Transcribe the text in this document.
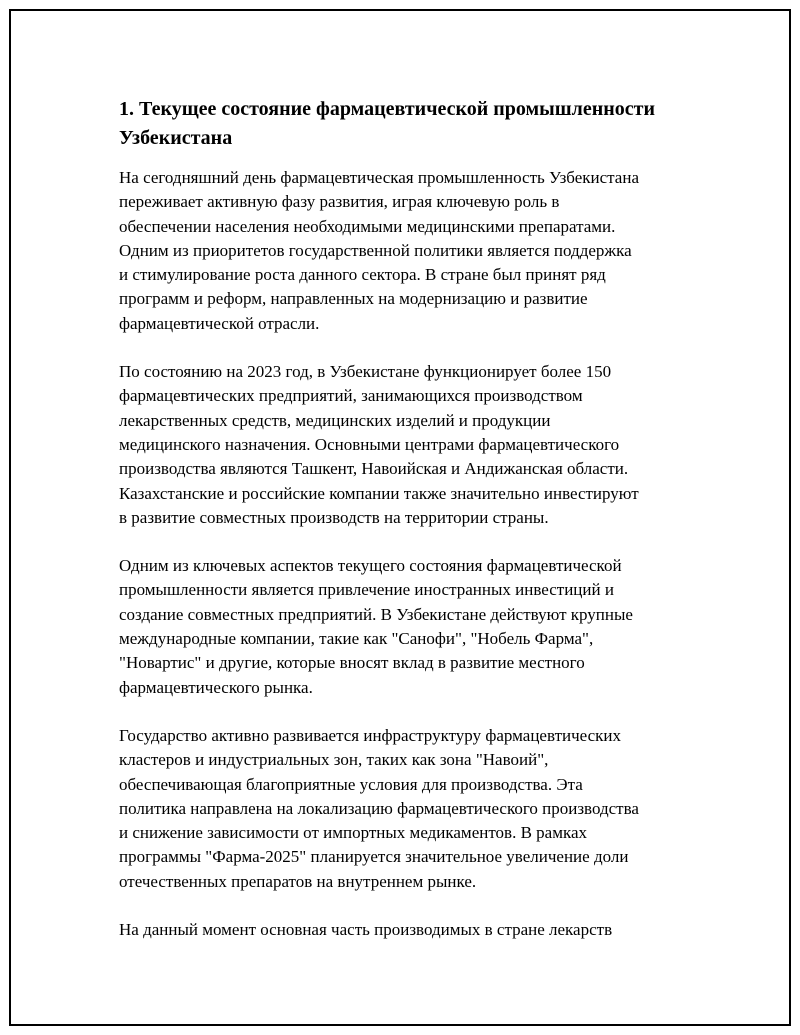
1. Текущее состояние фармацевтической промышленности
Узбекистана

На сегодняшний день фармацевтическая промышленность Узбекистана
переживает активную фазу развития, играя ключевую роль в
обеспечении населения необходимыми медицинскими препаратами.
Одним из приоритетов государственной политики является поддержка
и стимулирование роста данного сектора. В стране был принят ряд
программ и реформ, направленных на модернизацию и развитие
фармацевтической отрасли.

По состоянию на 2023 год, в Узбекистане функционирует более 150
фармацевтических предприятий, занимающихся производством
лекарственных средств, медицинских изделий и продукции
медицинского назначения. Основными центрами фармацевтического
производства являются Ташкент, Навоийская и Андижанская области.
Казахстанские и российские компании также значительно инвестируют
в развитие совместных производств на территории страны.

Одним из ключевых аспектов текущего состояния фармацевтической
промышленности является привлечение иностранных инвестиций и
создание совместных предприятий. В Узбекистане действуют крупные
международные компании, такие как "Санофи", "Нобель Фарма",
"Новартис" и другие, которые вносят вклад в развитие местного
фармацевтического рынка.

Государство активно развивается инфраструктуру фармацевтических
кластеров и индустриальных зон, таких как зона "Навоий",
обеспечивающая благоприятные условия для производства. Эта
политика направлена на локализацию фармацевтического производства
и снижение зависимости от импортных медикаментов. В рамках
программы "Фарма-2025" планируется значительное увеличение доли
отечественных препаратов на внутреннем рынке.

На данный момент основная часть производимых в стране лекарств
